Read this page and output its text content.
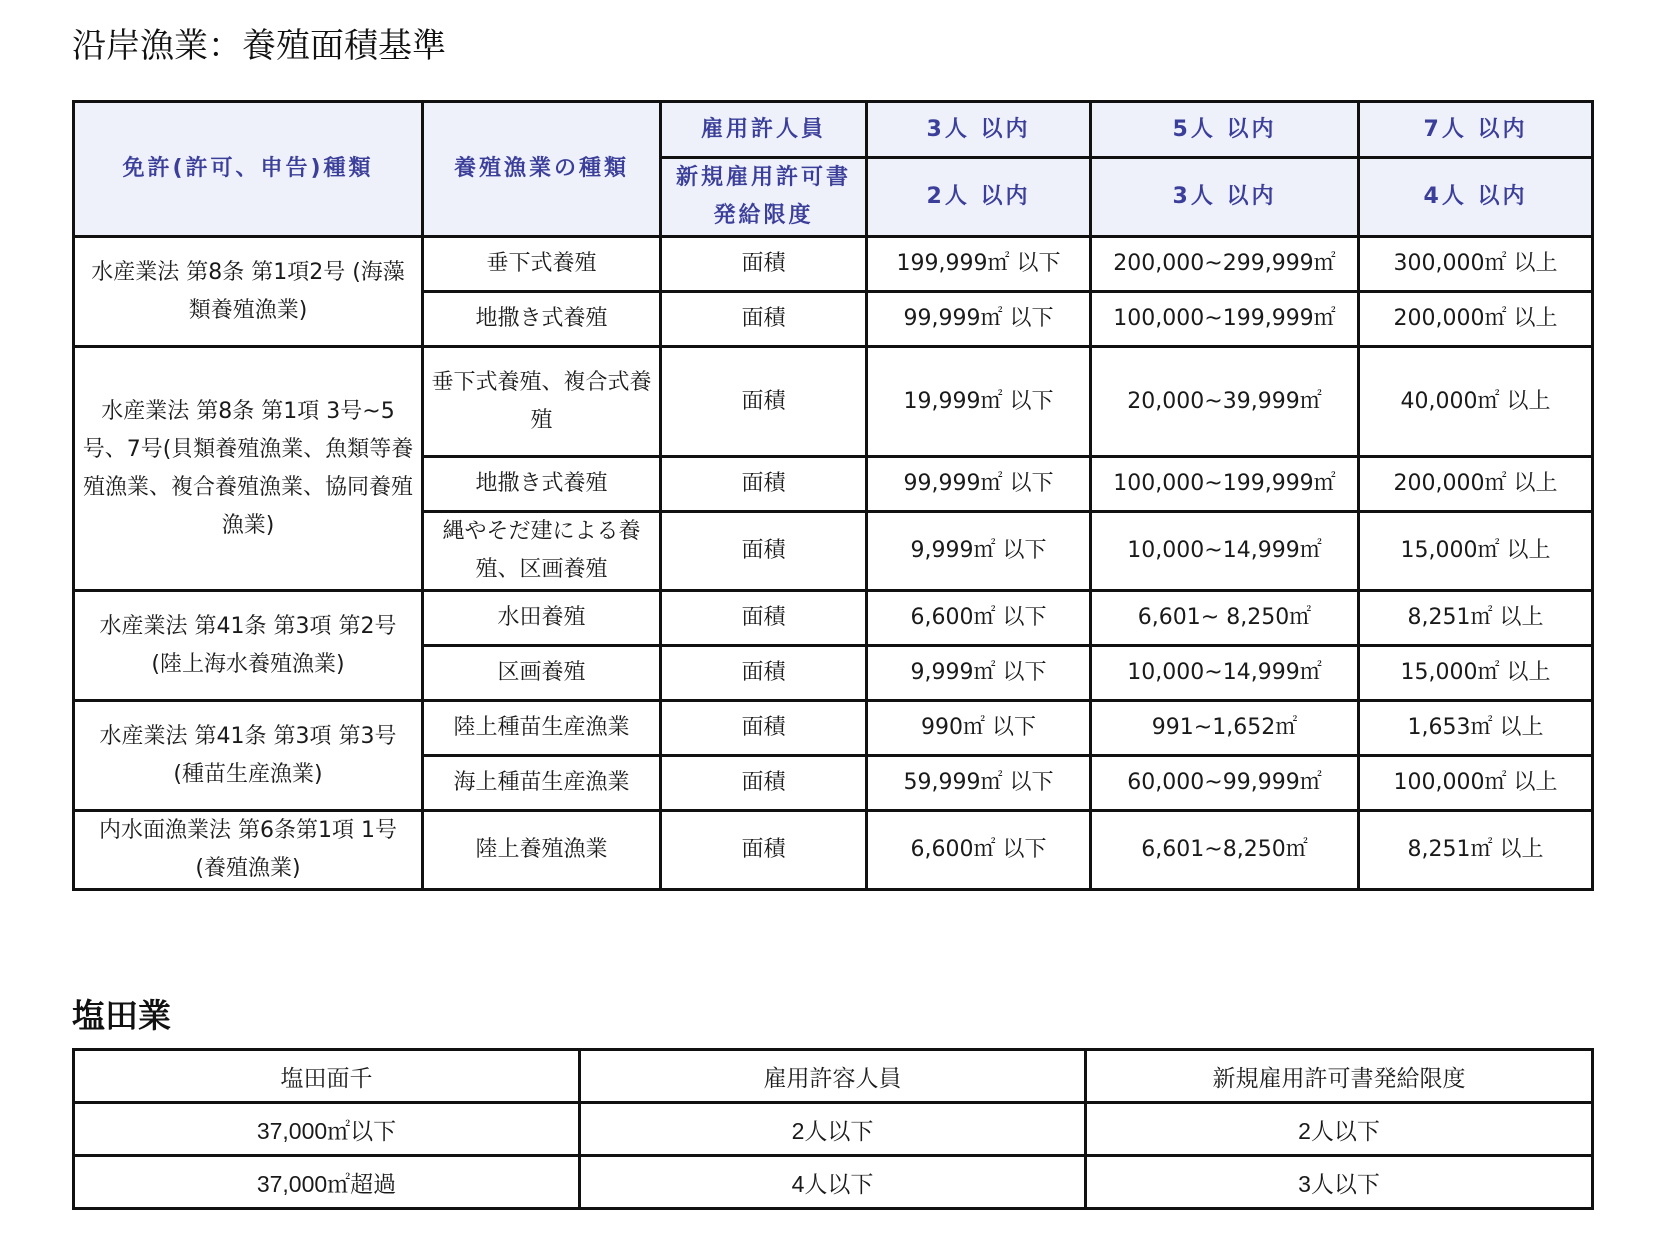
沿岸漁業：養殖面積基準
免許(許可、申告)種類	養殖漁業の種類	雇用許人員	3人 以内	5人 以内	7人 以内
		新規雇用許可書発給限度	2人 以内	3人 以内	4人 以内
水産業法 第8条 第1項2号 (海藻類養殖漁業)	垂下式養殖	面積	199,999㎡ 以下	200,000~299,999㎡	300,000㎡ 以上
	地撒き式養殖	面積	99,999㎡ 以下	100,000~199,999㎡	200,000㎡ 以上
水産業法 第8条 第1項 3号~5号、7号(貝類養殖漁業、魚類等養殖漁業、複合養殖漁業、協同養殖漁業)	垂下式養殖、複合式養殖	面積	19,999㎡ 以下	20,000~39,999㎡	40,000㎡ 以上
	地撒き式養殖	面積	99,999㎡ 以下	100,000~199,999㎡	200,000㎡ 以上
	縄やそだ建による養殖、区画養殖	面積	9,999㎡ 以下	10,000~14,999㎡	15,000㎡ 以上
水産業法 第41条 第3項 第2号 (陸上海水養殖漁業)	水田養殖	面積	6,600㎡ 以下	6,601~ 8,250㎡	8,251㎡ 以上
	区画養殖	面積	9,999㎡ 以下	10,000~14,999㎡	15,000㎡ 以上
水産業法 第41条 第3項 第3号 (種苗生産漁業)	陸上種苗生産漁業	面積	990㎡ 以下	991~1,652㎡	1,653㎡ 以上
	海上種苗生産漁業	面積	59,999㎡ 以下	60,000~99,999㎡	100,000㎡ 以上
内水面漁業法 第6条第1項 1号 (養殖漁業)	陸上養殖漁業	面積	6,600㎡ 以下	6,601~8,250㎡	8,251㎡ 以上
塩田業
塩田面千	雇用許容人員	新規雇用許可書発給限度
37,000㎡以下	2人以下	2人以下
37,000㎡超過	4人以下	3人以下
